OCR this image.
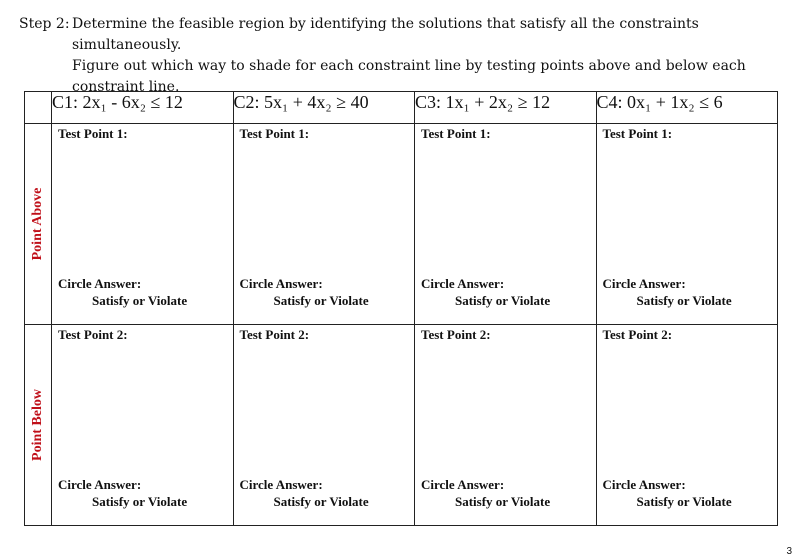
Step 2: Determine the feasible region by identifying the solutions that satisfy all the constraints simultaneously.
Figure out which way to shade for each constraint line by testing points above and below each constraint line.
	C1: 2x₁ - 6x₂ ≤ 12	C2: 5x₁ + 4x₂ ≥ 40	C3: 1x₁ + 2x₂ ≥ 12	C4: 0x₁ + 1x₂ ≤ 6

Point Above	Test Point 1:
Circle Answer:
Satisfy or Violate	Test Point 1:
Circle Answer:
Satisfy or Violate	Test Point 1:
Circle Answer:
Satisfy or Violate	Test Point 1:
Circle Answer:
Satisfy or Violate

Point Below	Test Point 2:
Circle Answer:
Satisfy or Violate	Test Point 2:
Circle Answer:
Satisfy or Violate	Test Point 2:
Circle Answer:
Satisfy or Violate	Test Point 2:
Circle Answer:
Satisfy or Violate
3
